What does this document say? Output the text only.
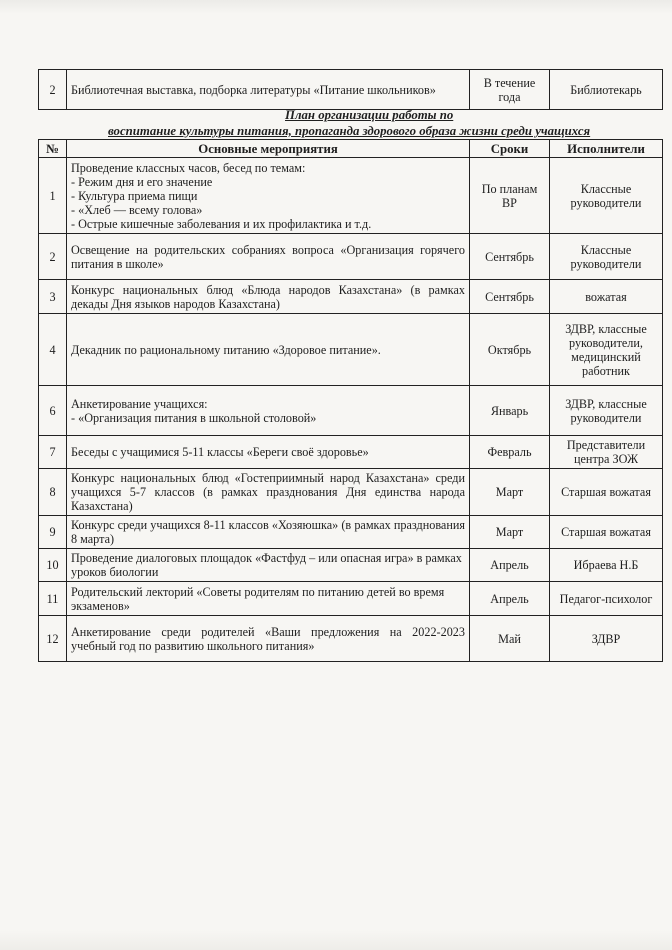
2	Библиотечная выставка, подборка литературы «Питание школьников»	В течение года	Библиотекарь
План организации работы по
воспитание культуры питания, пропаганда здорового образа жизни среди учащихся
№	Основные мероприятия	Сроки	Исполнители
1	Проведение классных часов, бесед по темам:
- Режим дня и его значение
- Культура приема пищи
- «Хлеб — всему голова»
- Острые кишечные заболевания и их профилактика и т.д.	По планам ВР	Классные руководители
2	Освещение на родительских собраниях вопроса «Организация горячего питания в школе»	Сентябрь	Классные руководители
3	Конкурс национальных блюд «Блюда народов Казахстана» (в рамках декады Дня языков народов Казахстана)	Сентябрь	вожатая
4	Декадник по рациональному питанию «Здоровое питание».	Октябрь	ЗДВР, классные руководители, медицинский работник
6	Анкетирование учащихся:
- «Организация питания в школьной столовой»	Январь	ЗДВР, классные руководители
7	Беседы с учащимися 5-11 классы «Береги своё здоровье»	Февраль	Представители центра ЗОЖ
8	Конкурс национальных блюд «Гостеприимный народ Казахстана» среди учащихся 5-7 классов (в рамках празднования Дня единства народа Казахстана)	Март	Старшая вожатая
9	Конкурс среди учащихся 8-11 классов «Хозяюшка» (в рамках празднования 8 марта)	Март	Старшая вожатая
10	Проведение диалоговых площадок «Фастфуд – или опасная игра» в рамках уроков биологии	Апрель	Ибраева Н.Б
11	Родительский лекторий «Советы родителям по питанию детей во время экзаменов»	Апрель	Педагог-психолог
12	Анкетирование среди родителей «Ваши предложения на 2022-2023 учебный год по развитию школьного питания»	Май	ЗДВР
